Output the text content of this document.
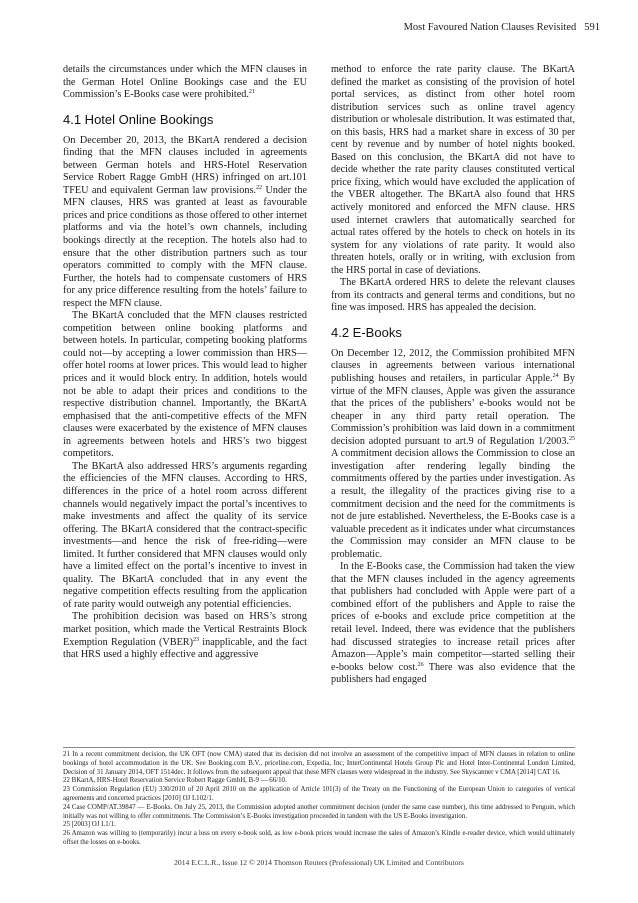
Most Favoured Nation Clauses Revisited 591

details the circumstances under which the MFN clauses in the German Hotel Online Bookings case and the EU Commission’s E-Books case were prohibited.$^{21}$

4.1 Hotel Online Bookings

On December 20, 2013, the BKartA rendered a decision finding that the MFN clauses included in agreements between German hotels and HRS-Hotel Reservation Service Robert Ragge GmbH (HRS) infringed on art.101 TFEU and equivalent German law provisions.$^{22}$ Under the MFN clauses, HRS was granted at least as favourable prices and price conditions as those offered to other internet platforms and via the hotel’s own channels, including bookings directly at the reception. The hotels also had to ensure that the other distribution partners such as tour operators committed to comply with the MFN clause. Further, the hotels had to compensate customers of HRS for any price difference resulting from the hotels’ failure to respect the MFN clause.

The BKartA concluded that the MFN clauses restricted competition between online booking platforms and between hotels. In particular, competing booking platforms could not—by accepting a lower commission than HRS—offer hotel rooms at lower prices. This would lead to higher prices and it would block entry. In addition, hotels would not be able to adapt their prices and conditions to the respective distribution channel. Importantly, the BKartA emphasised that the anti-competitive effects of the MFN clauses were exacerbated by the existence of MFN clauses in agreements between hotels and HRS’s two biggest competitors.

The BKartA also addressed HRS’s arguments regarding the efficiencies of the MFN clauses. According to HRS, differences in the price of a hotel room across different channels would negatively impact the portal’s incentives to make investments and affect the quality of its service offering. The BKartA considered that the contract-specific investments—and hence the risk of free-riding—were limited. It further considered that MFN clauses would only have a limited effect on the portal’s incentive to invest in quality. The BKartA concluded that in any event the negative competition effects resulting from the application of rate parity would outweigh any potential efficiencies.

The prohibition decision was based on HRS’s strong market position, which made the Vertical Restraints Block Exemption Regulation (VBER)$^{23}$ inapplicable, and the fact that HRS used a highly effective and aggressive

method to enforce the rate parity clause. The BKartA defined the market as consisting of the provision of hotel portal services, as distinct from other hotel room distribution services such as online travel agency distribution or wholesale distribution. It was estimated that, on this basis, HRS had a market share in excess of 30 per cent by revenue and by number of hotel nights booked. Based on this conclusion, the BKartA did not have to decide whether the rate parity clauses constituted vertical price fixing, which would have excluded the application of the VBER altogether. The BKartA also found that HRS actively monitored and enforced the MFN clause. HRS used internet crawlers that automatically searched for actual rates offered by the hotels to check on hotels in its system for any violations of rate parity. It would also threaten hotels, orally or in writing, with exclusion from the HRS portal in case of deviations.

The BKartA ordered HRS to delete the relevant clauses from its contracts and general terms and conditions, but no fine was imposed. HRS has appealed the decision.

4.2 E-Books

On December 12, 2012, the Commission prohibited MFN clauses in agreements between various international publishing houses and retailers, in particular Apple.$^{24}$ By virtue of the MFN clauses, Apple was given the assurance that the prices of the publishers’ e-books would not be cheaper in any third party retail operation. The Commission’s prohibition was laid down in a commitment decision adopted pursuant to art.9 of Regulation 1/2003.25 A commitment decision allows the Commission to close an investigation after rendering legally binding the commitments offered by the parties under investigation. As a result, the illegality of the practices giving rise to a commitment decision and the need for the commitments is not de jure established. Nevertheless, the E-Books case is a valuable precedent as it indicates under what circumstances the Commission may consider an MFN clause to be problematic.

In the E-Books case, the Commission had taken the view that the MFN clauses included in the agency agreements that publishers had concluded with Apple were part of a combined effort of the publishers and Apple to raise the prices of e-books and exclude price competition at the retail level. Indeed, there was evidence that the publishers had discussed strategies to increase retail prices after Amazon—Apple’s main competitor—started selling their e-books below cost.$^{26}$ There was also evidence that the publishers had engaged

21 In a recent commitment decision, the UK OFT (now CMA) stated that its decision did not involve an assessment of the competitive impact of MFN clauses in relation to online bookings of hotel accommodation in the UK. See Booking.com B.V., priceline.com, Expedia, Inc, InterContinental Hotels Group Plc and Hotel Inter-Continental London Limited, Decision of 31 January 2014, OFT 1514dec. It follows from the subsequent appeal that these MFN clauses were widespread in the industry. See Skyscanner v CMA [2014] CAT 16.

22 BKartA, HRS-Hotel Reservation Service Robert Ragge GmbH, B-9 — 66/10.

23 Commission Regulation (EU) 330/2010 of 20 April 2010 on the application of Article 101(3) of the Treaty on the Functioning of the European Union to categories of vertical agreements and concerted practices [2010] OJ L102/1.

24 Case COMP/AT.39847 — E-Books. On July 25, 2013, the Commission adopted another commitment decision (under the same case number), this time addressed to Penguin, which initially was not willing to offer commitments. The Commission’s E-Books investigation proceeded in tandem with the US E-Books investigation.

25 [2003] OJ L1/1.

26 Amazon was willing to (temporarily) incur a loss on every e-book sold, as low e-book prices would increase the sales of Amazon’s Kindle e-reader device, which would ultimately offset the losses on e-books.

2014 E.C.L.R., Issue 12 © 2014 Thomson Reuters (Professional) UK Limited and Contributors
